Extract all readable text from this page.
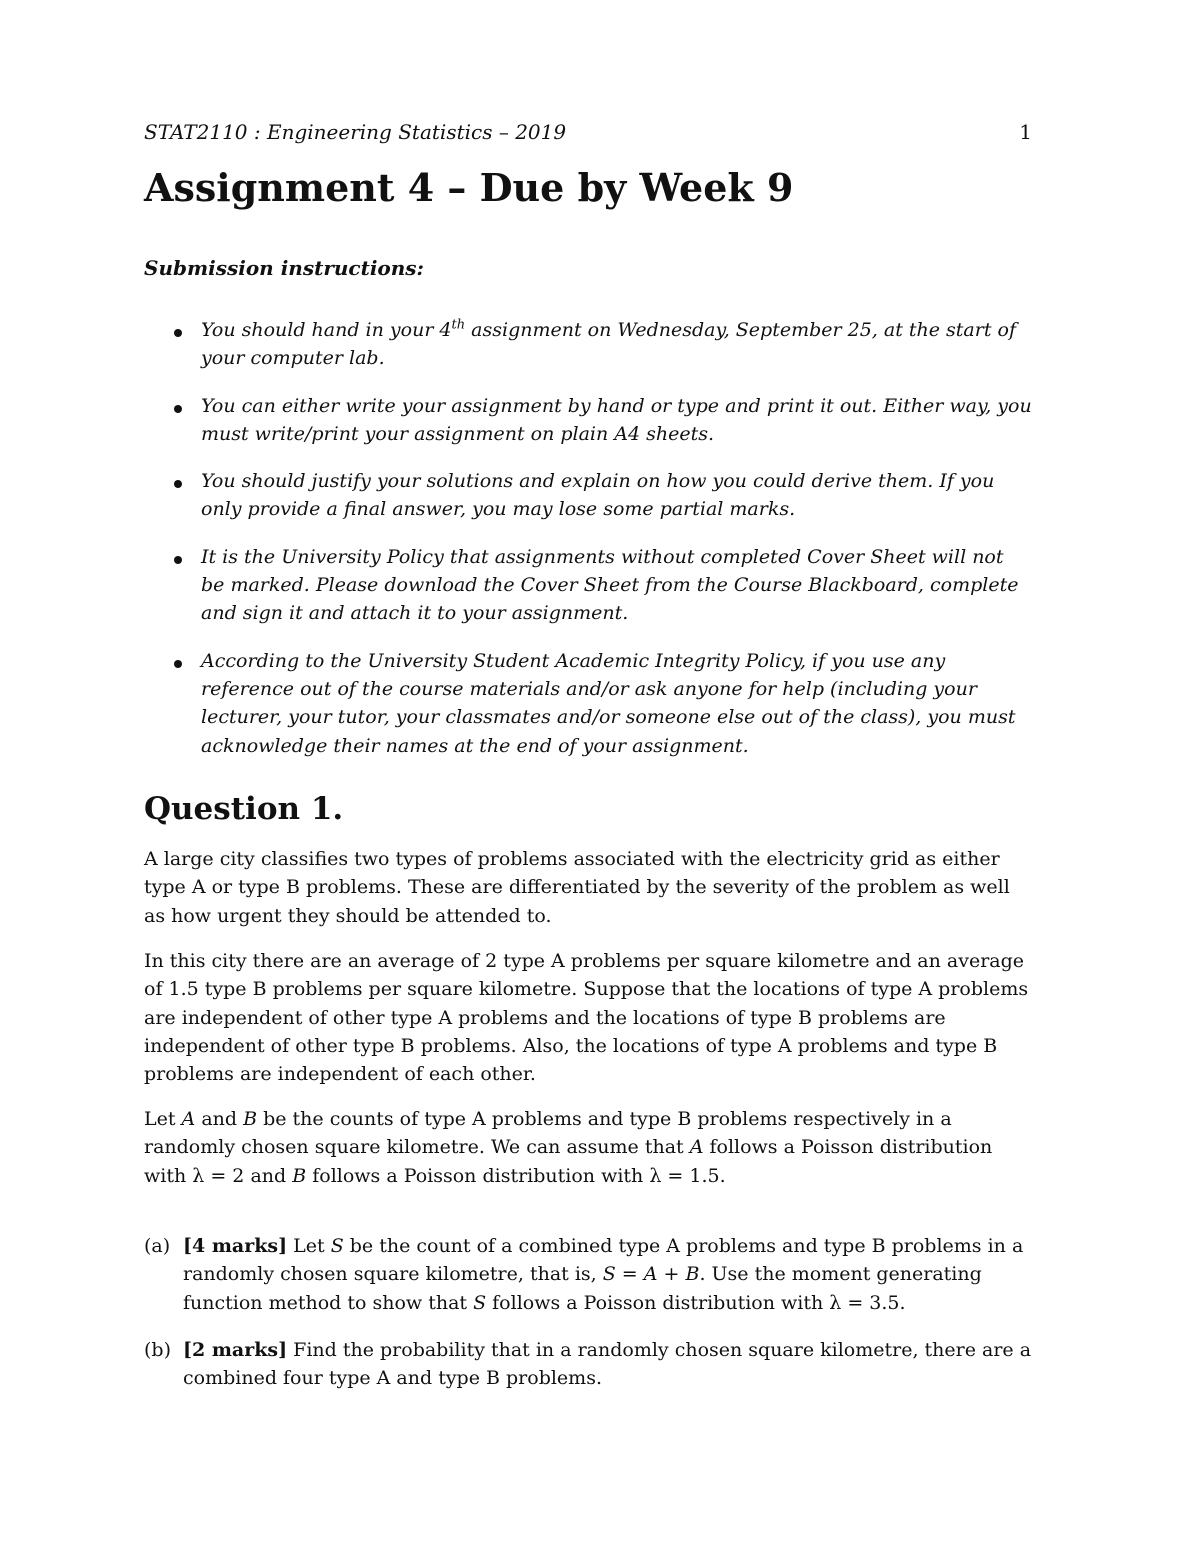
STAT2110 : Engineering Statistics – 2019	1
Assignment 4 – Due by Week 9
Submission instructions:
You should hand in your 4th assignment on Wednesday, September 25, at the start of your computer lab.
You can either write your assignment by hand or type and print it out. Either way, you must write/print your assignment on plain A4 sheets.
You should justify your solutions and explain on how you could derive them. If you only provide a final answer, you may lose some partial marks.
It is the University Policy that assignments without completed Cover Sheet will not be marked. Please download the Cover Sheet from the Course Blackboard, complete and sign it and attach it to your assignment.
According to the University Student Academic Integrity Policy, if you use any reference out of the course materials and/or ask anyone for help (including your lecturer, your tutor, your classmates and/or someone else out of the class), you must acknowledge their names at the end of your assignment.
Question 1.

A large city classifies two types of problems associated with the electricity grid as either type A or type B problems. These are differentiated by the severity of the problem as well as how urgent they should be attended to.

In this city there are an average of 2 type A problems per square kilometre and an average of 1.5 type B problems per square kilometre. Suppose that the locations of type A problems are independent of other type A problems and the locations of type B problems are independent of other type B problems. Also, the locations of type A problems and type B problems are independent of each other.

Let A and B be the counts of type A problems and type B problems respectively in a randomly chosen square kilometre. We can assume that A follows a Poisson distribution with λ = 2 and B follows a Poisson distribution with λ = 1.5.

(a) [4 marks] Let S be the count of a combined type A problems and type B problems in a randomly chosen square kilometre, that is, S = A + B. Use the moment generating function method to show that S follows a Poisson distribution with λ = 3.5.
(b) [2 marks] Find the probability that in a randomly chosen square kilometre, there are a combined four type A and type B problems.
